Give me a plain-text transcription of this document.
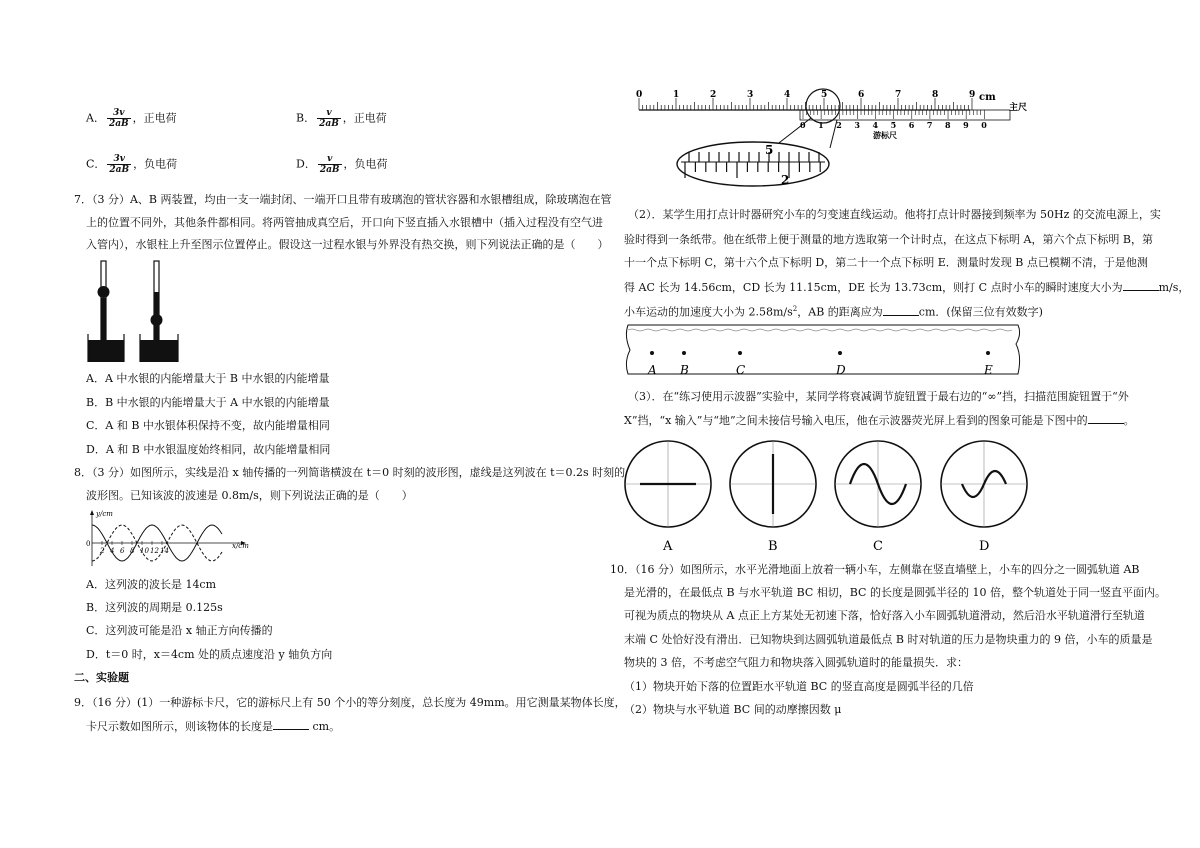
A． $\frac{3v}{2aB}$ ，正电荷	B． $\frac{v}{2aB}$ ，正电荷
C． $\frac{3v}{2aB}$ ，负电荷	D． $\frac{v}{2aB}$ ，负电荷
7．（3 分）A、B 两装置，均由一支一端封闭、一端开口且带有玻璃泡的管状容器和水银槽组成，除玻璃泡在管
上的位置不同外，其他条件都相同。将两管抽成真空后，开口向下竖直插入水银槽中（插入过程没有空气进
入管内），水银柱上升至图示位置停止。假设这一过程水银与外界没有热交换，则下列说法正确的是（　　）
A．A 中水银的内能增量大于 B 中水银的内能增量
B．B 中水银的内能增量大于 A 中水银的内能增量
C．A 和 B 中水银体积保持不变，故内能增量相同
D．A 和 B 中水银温度始终相同，故内能增量相同
8．（3 分）如图所示，实线是沿 x 轴传播的一列简谐横波在 t＝0 时刻的波形图，虚线是这列波在 t＝0.2s 时刻的
波形图。已知该波的波速是 0.8m/s，则下列说法正确的是（　　）
y/cm
x/cm
0
2 4 6 8 10 12 14
A．这列波的波长是 14cm
B．这列波的周期是 0.125s
C．这列波可能是沿 x 轴正方向传播的
D．t＝0 时，x＝4cm 处的质点速度沿 y 轴负方向
二、实验题
9．（16 分）(1）一种游标卡尺，它的游标尺上有 50 个小的等分刻度，总长度为 49mm。用它测量某物体长度，
卡尺示数如图所示，则该物体的长度是	cm。
0	1	2	3	4	5	6	7	8	9 cm
主尺
0 1 2 3 4 5 6 7 8 9 0
游标尺
5
2
（2）．某学生用打点计时器研究小车的匀变速直线运动。他将打点计时器接到频率为 50Hz 的交流电源上，实
验时得到一条纸带。他在纸带上便于测量的地方选取第一个计时点，在这点下标明 A，第六个点下标明 B，第
十一个点下标明 C，第十六个点下标明 D，第二十一个点下标明 E．测量时发现 B 点已模糊不清，于是他测
得 AC 长为 14.56cm，CD 长为 11.15cm，DE 长为 13.73cm，则打 C 点时小车的瞬时速度大小为	m/s，
小车运动的加速度大小为 $2.58m/s^2$，AB 的距离应为	cm．(保留三位有效数字)
A B	C	D	E
（3）．在“练习使用示波器”实验中，某同学将衰减调节旋钮置于最右边的“∞”挡，扫描范围旋钮置于“外
X”挡，“x 输入”与“地”之间未接信号输入电压，他在示波器荧光屏上看到的图象可能是下图中的	。
A	B	C	D
10．（16 分）如图所示，水平光滑地面上放着一辆小车，左侧靠在竖直墙壁上，小车的四分之一圆弧轨道 AB
是光滑的，在最低点 B 与水平轨道 BC 相切，BC 的长度是圆弧半径的 10 倍，整个轨道处于同一竖直平面内。
可视为质点的物块从 A 点正上方某处无初速下落，恰好落入小车圆弧轨道滑动，然后沿水平轨道滑行至轨道
末端 C 处恰好没有滑出．已知物块到达圆弧轨道最低点 B 时对轨道的压力是物块重力的 9 倍，小车的质量是
物块的 3 倍，不考虑空气阻力和物块落入圆弧轨道时的能量损失．求：
（1）物块开始下落的位置距水平轨道 BC 的竖直高度是圆弧半径的几倍
（2）物块与水平轨道 BC 间的动摩擦因数 μ
